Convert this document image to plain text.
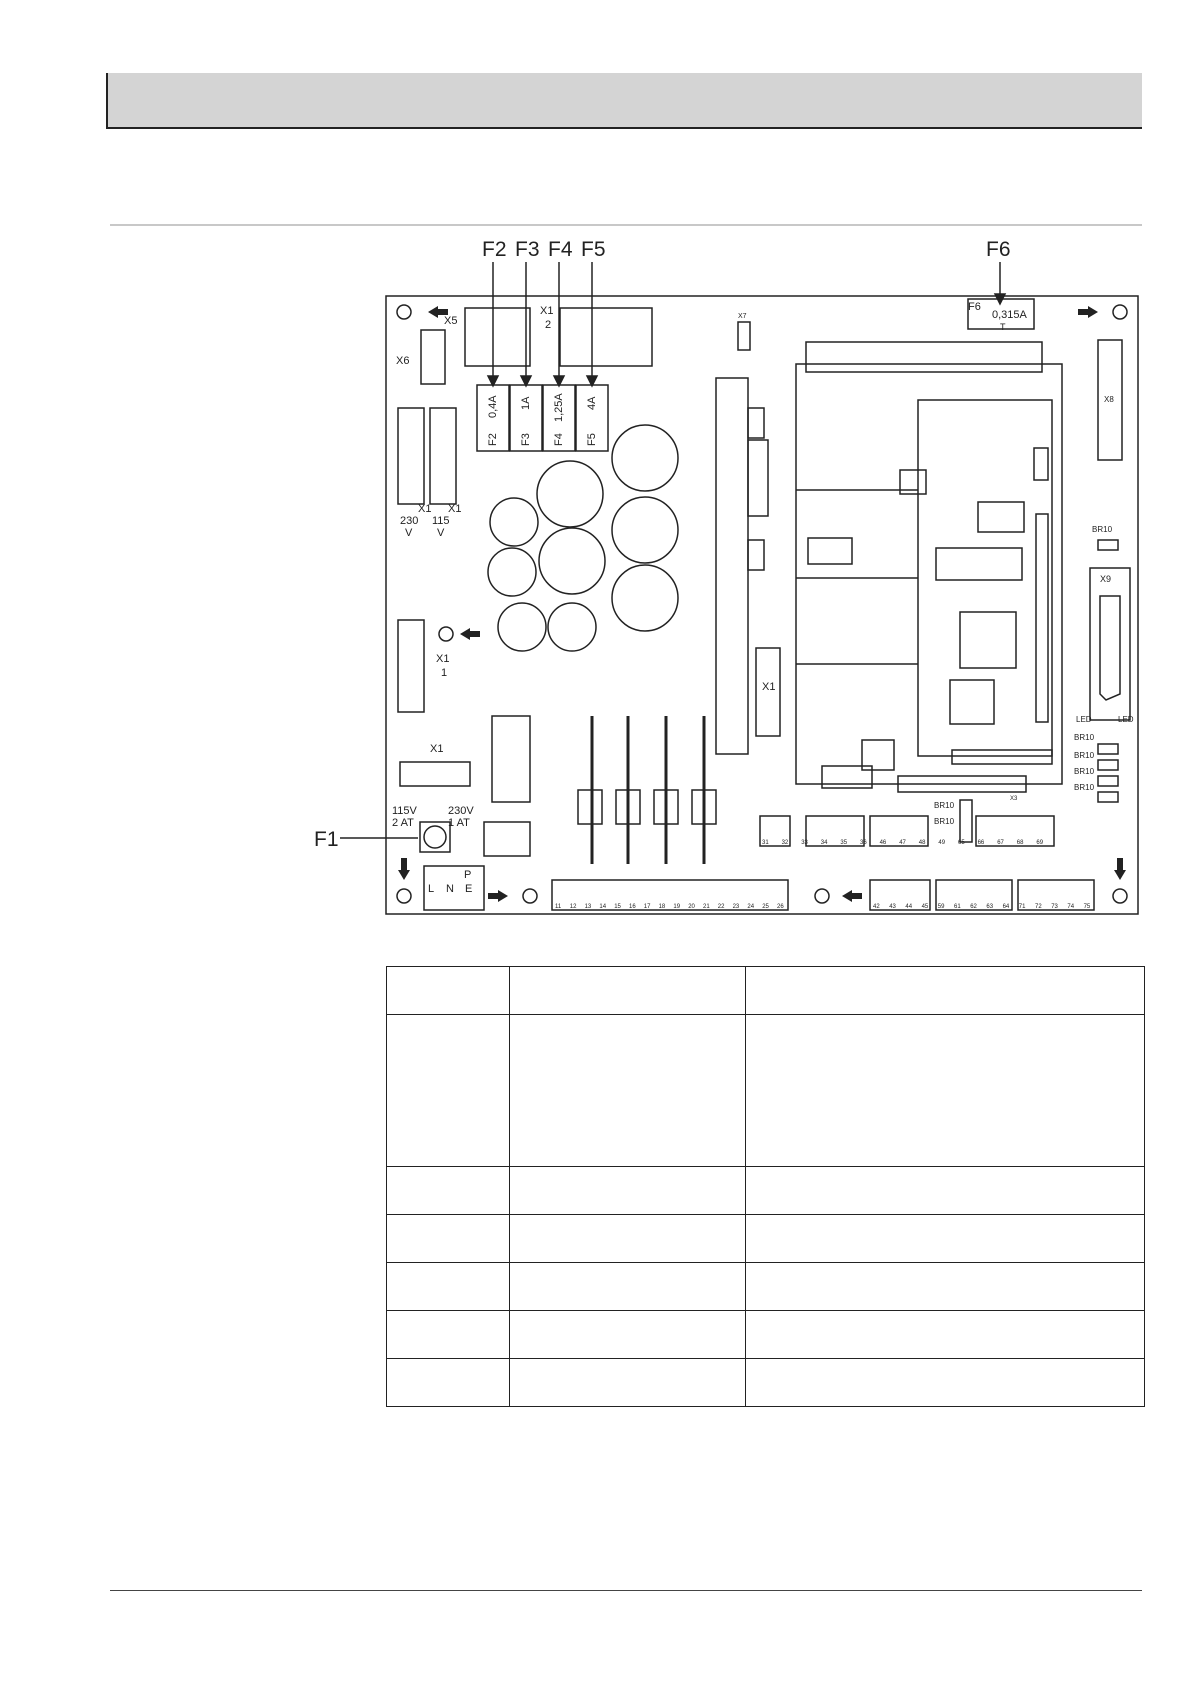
F2 F3 F4 F5	F6
F1
X5
X1
2
X7
X8
X9
X3
X6
F6
0,315A
T
0,4A 1A 1,25A 4A
F2 F3 F4 F5
X1 X1
230 115
V V
X1
1
X1
X1
115V
2 AT
230V
1 AT
P
L N E
BR10
BR10
BR10
BR10
BR10
BR10
BR10
LED	LED
11 12 13 14 15 16 17 18 19 20 21 22 23 24 25 26	42 43 44 45 59 61 62 63 64 71 72 73 74 75
31 32 33 34 35 36 46 47 48 49 65 66 67 68 69
